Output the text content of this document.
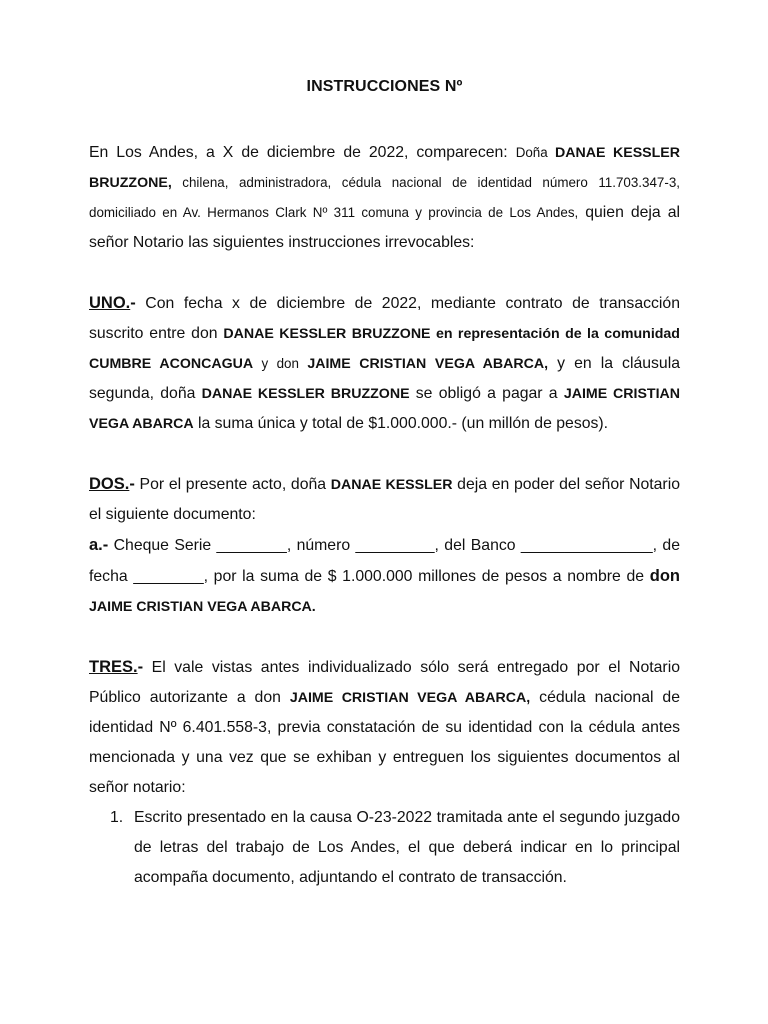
INSTRUCCIONES Nº

En Los Andes, a X de diciembre de 2022, comparecen: Doña DANAE KESSLER BRUZZONE, chilena, administradora, cédula nacional de identidad número 11.703.347-3, domiciliado en Av. Hermanos Clark Nº 311 comuna y provincia de Los Andes, quien deja al señor Notario las siguientes instrucciones irrevocables:

UNO.- Con fecha x de diciembre de 2022, mediante contrato de transacción suscrito entre don DANAE KESSLER BRUZZONE en representación de la comunidad CUMBRE ACONCAGUA y don JAIME CRISTIAN VEGA ABARCA, y en la cláusula segunda, doña DANAE KESSLER BRUZZONE se obligó a pagar a JAIME CRISTIAN VEGA ABARCA la suma única y total de $1.000.000.- (un millón de pesos).

DOS.- Por el presente acto, doña DANAE KESSLER deja en poder del señor Notario el siguiente documento:

a.- Cheque Serie ________, número _________, del Banco _______________, de fecha ________, por la suma de $ 1.000.000 millones de pesos a nombre de don JAIME CRISTIAN VEGA ABARCA.

TRES.- El vale vistas antes individualizado sólo será entregado por el Notario Público autorizante a don JAIME CRISTIAN VEGA ABARCA, cédula nacional de identidad Nº 6.401.558-3, previa constatación de su identidad con la cédula antes mencionada y una vez que se exhiban y entreguen los siguientes documentos al señor notario:

1. Escrito presentado en la causa O-23-2022 tramitada ante el segundo juzgado de letras del trabajo de Los Andes, el que deberá indicar en lo principal acompaña documento, adjuntando el contrato de transacción.
